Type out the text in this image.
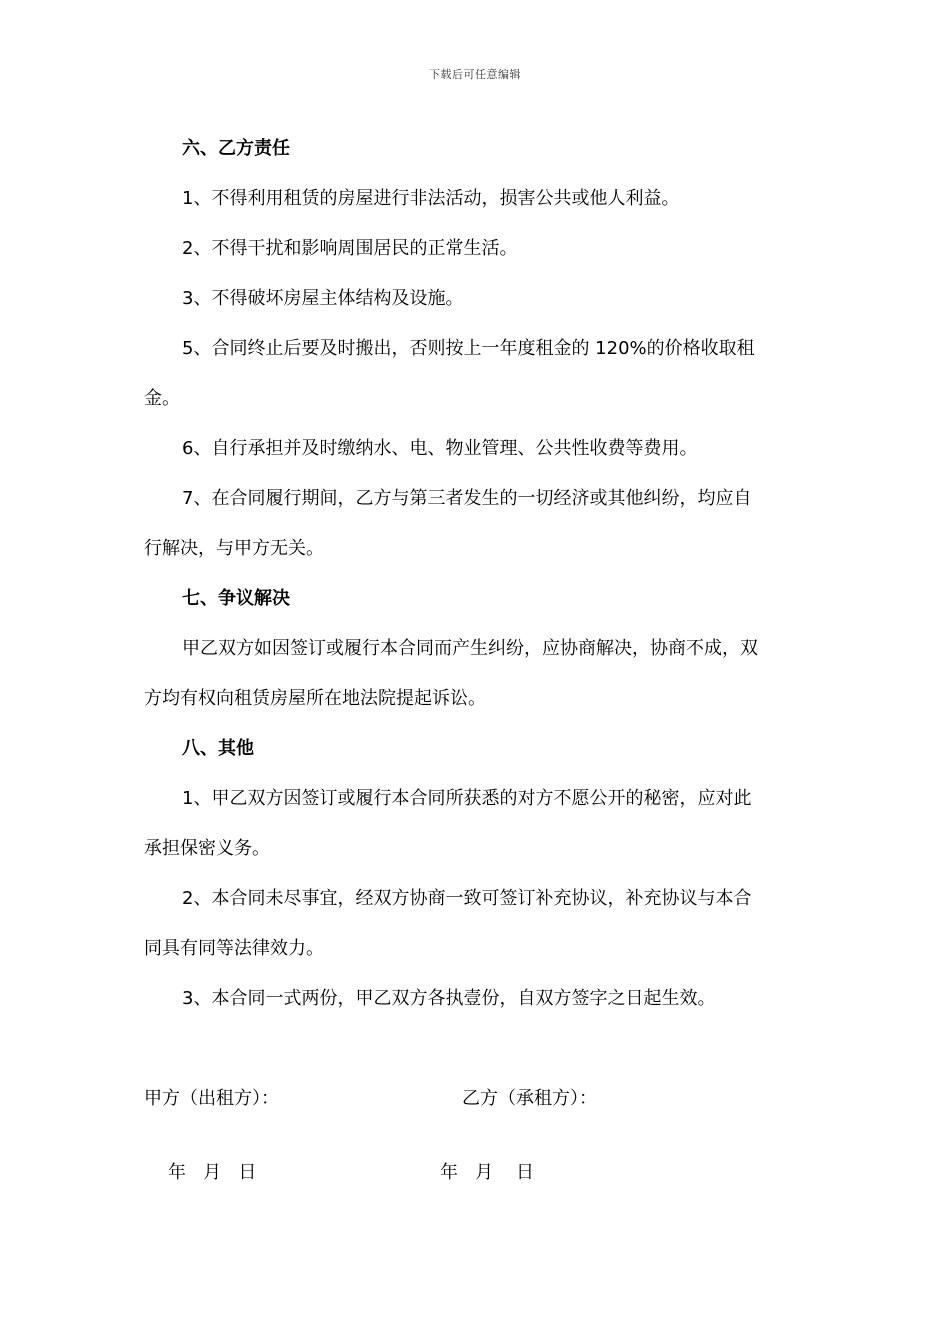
下载后可任意编辑
六、乙方责任
1、不得利用租赁的房屋进行非法活动，损害公共或他人利益。
2、不得干扰和影响周围居民的正常生活。
3、不得破坏房屋主体结构及设施。
5、合同终止后要及时搬出，否则按上一年度租金的 120%的价格收取租
金。
6、自行承担并及时缴纳水、电、物业管理、公共性收费等费用。
7、在合同履行期间，乙方与第三者发生的一切经济或其他纠纷，均应自
行解决，与甲方无关。
七、争议解决
甲乙双方如因签订或履行本合同而产生纠纷，应协商解决，协商不成，双
方均有权向租赁房屋所在地法院提起诉讼。
八、其他
1、甲乙双方因签订或履行本合同所获悉的对方不愿公开的秘密，应对此
承担保密义务。
2、本合同未尽事宜，经双方协商一致可签订补充协议，补充协议与本合
同具有同等法律效力。
3、本合同一式两份，甲乙双方各执壹份，自双方签字之日起生效。
甲方（出租方）：	乙方（承租方）：
年   月   日	年   月    日
